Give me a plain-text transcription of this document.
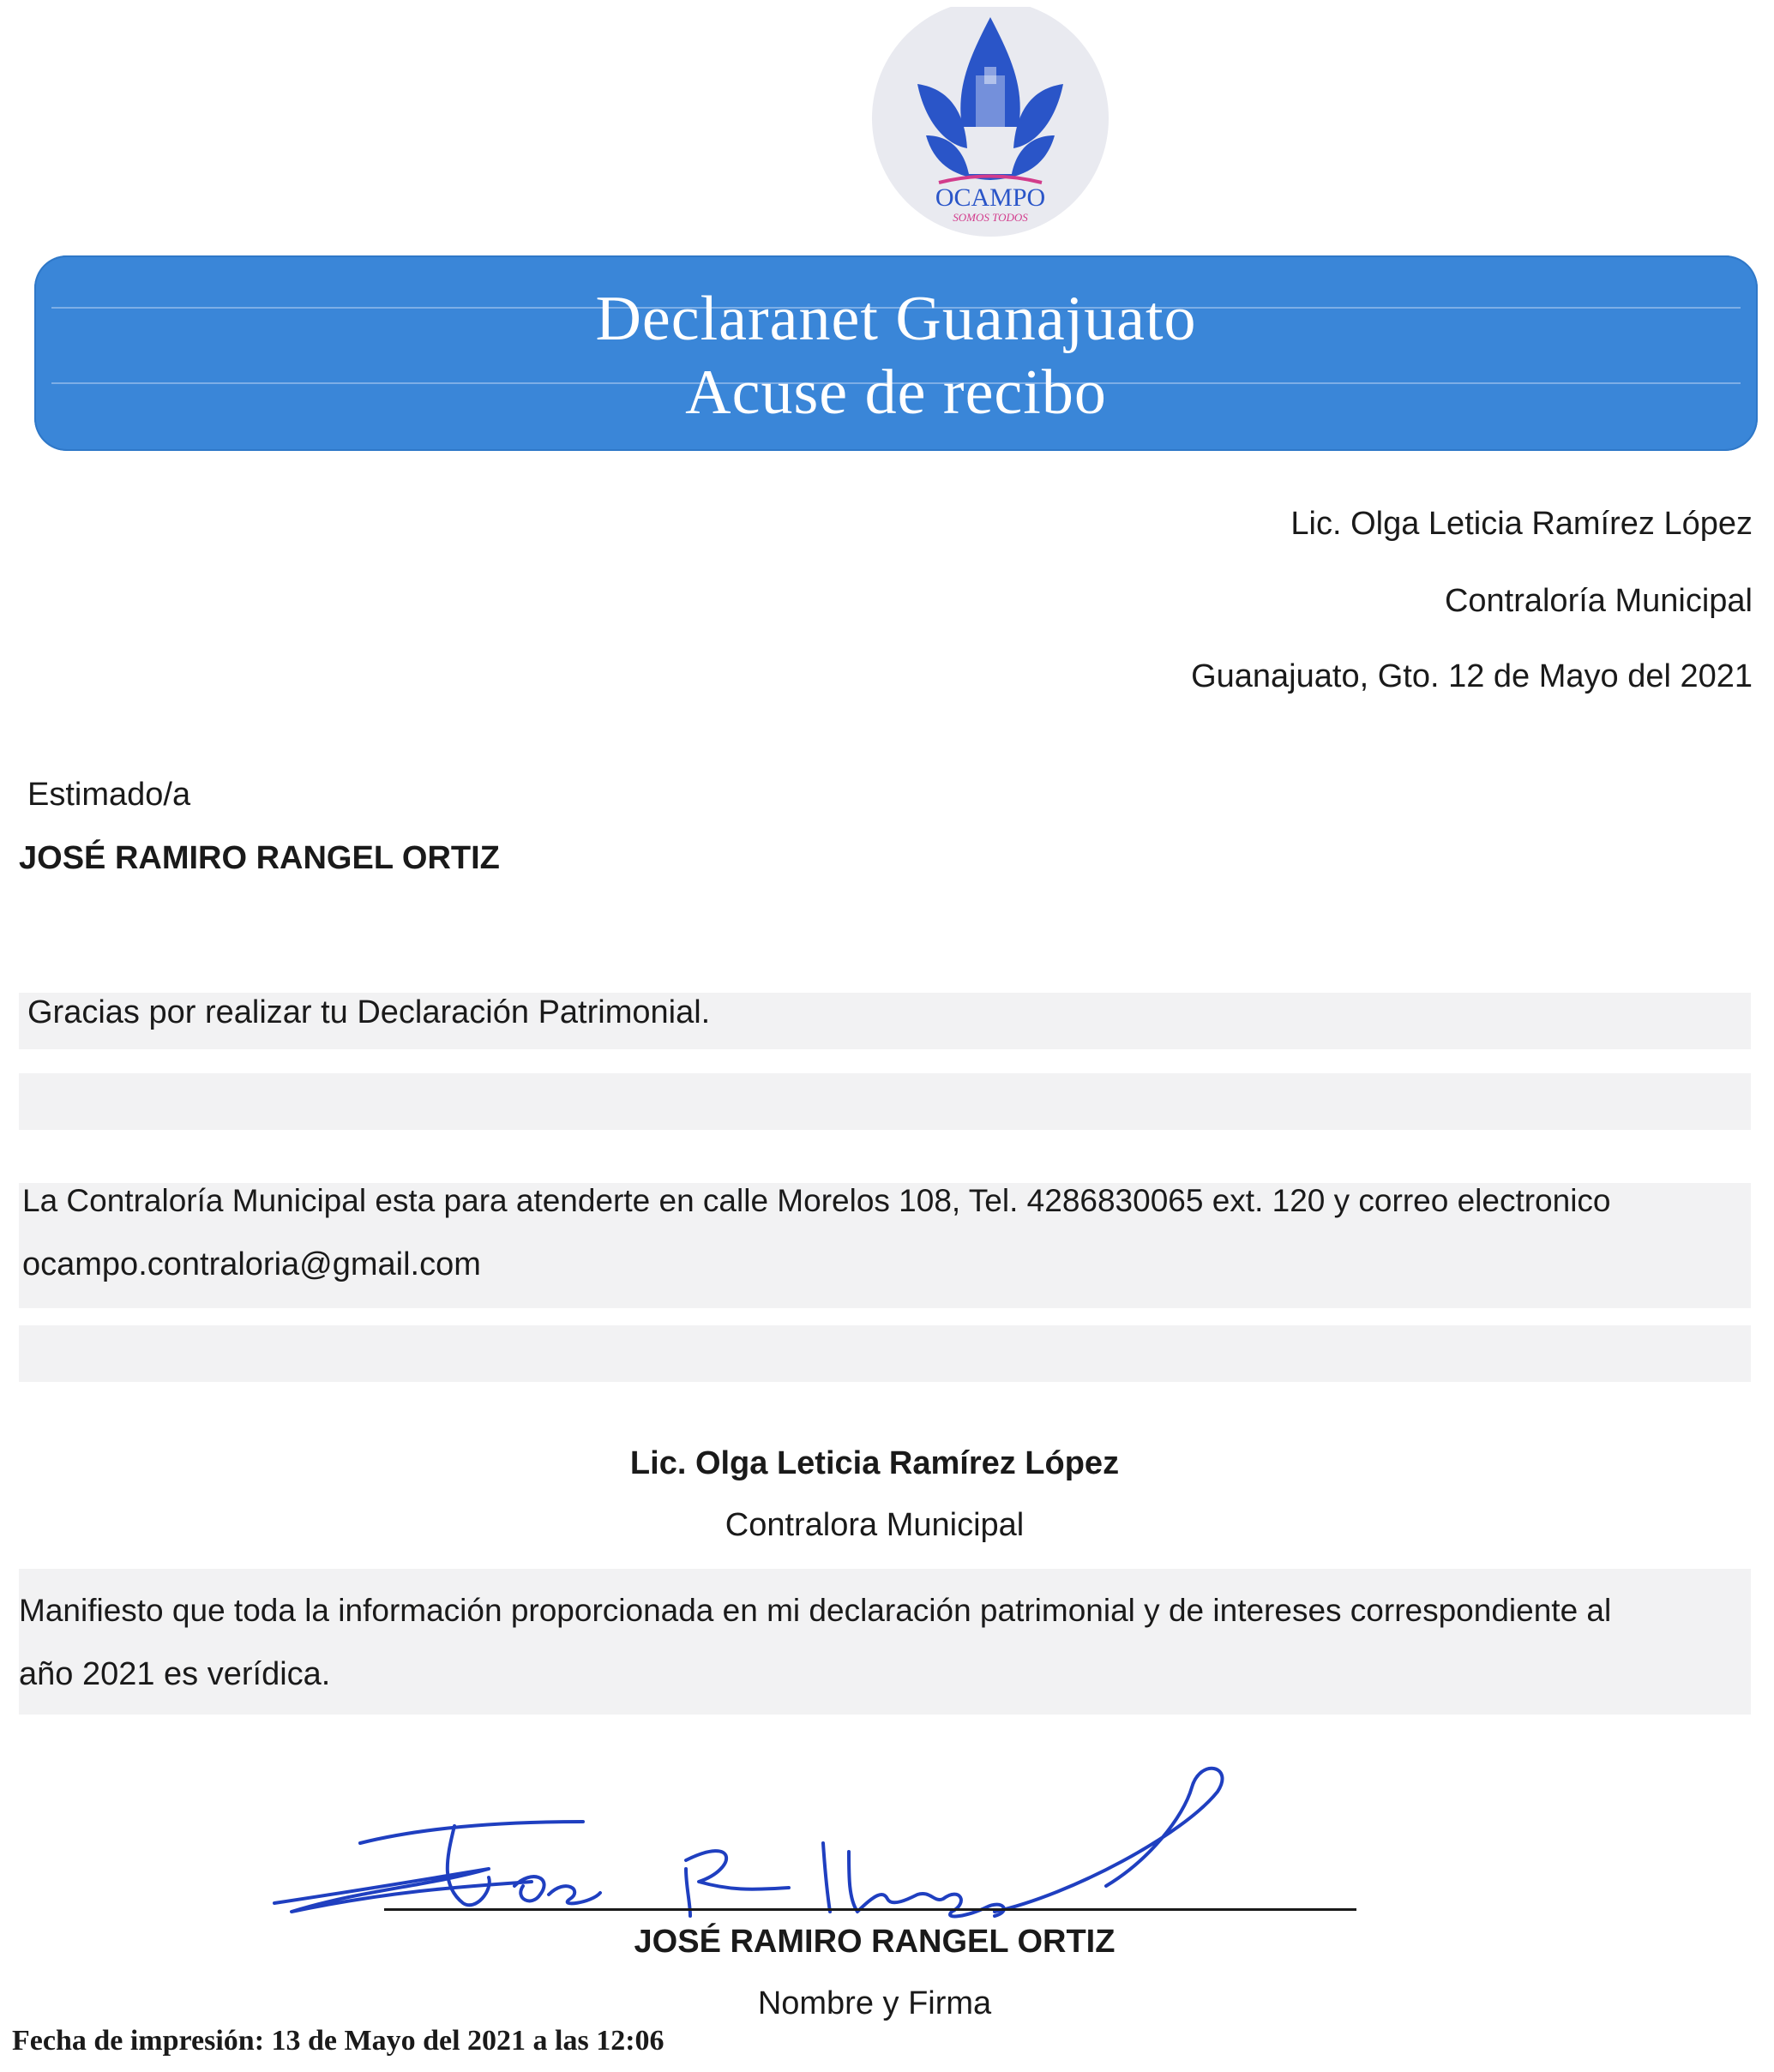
OCAMPO
SOMOS TODOS
Declaranet Guanajuato
Acuse de recibo
Lic. Olga Leticia Ramírez López
Contraloría Municipal
Guanajuato, Gto. 12 de Mayo del 2021
Estimado/a
JOSÉ RAMIRO RANGEL ORTIZ
Gracias por realizar tu Declaración Patrimonial.
La Contraloría Municipal esta para atenderte en calle Morelos 108, Tel. 4286830065 ext. 120 y correo electronico
ocampo.contraloria@gmail.com
Lic. Olga Leticia Ramírez López
Contralora Municipal
Manifiesto que toda la información proporcionada en mi declaración patrimonial y de intereses correspondiente al
año 2021 es verídica.
Jose R Rangel
JOSÉ RAMIRO RANGEL ORTIZ
Nombre y Firma
Fecha de impresión: 13 de Mayo del 2021 a las 12:06
